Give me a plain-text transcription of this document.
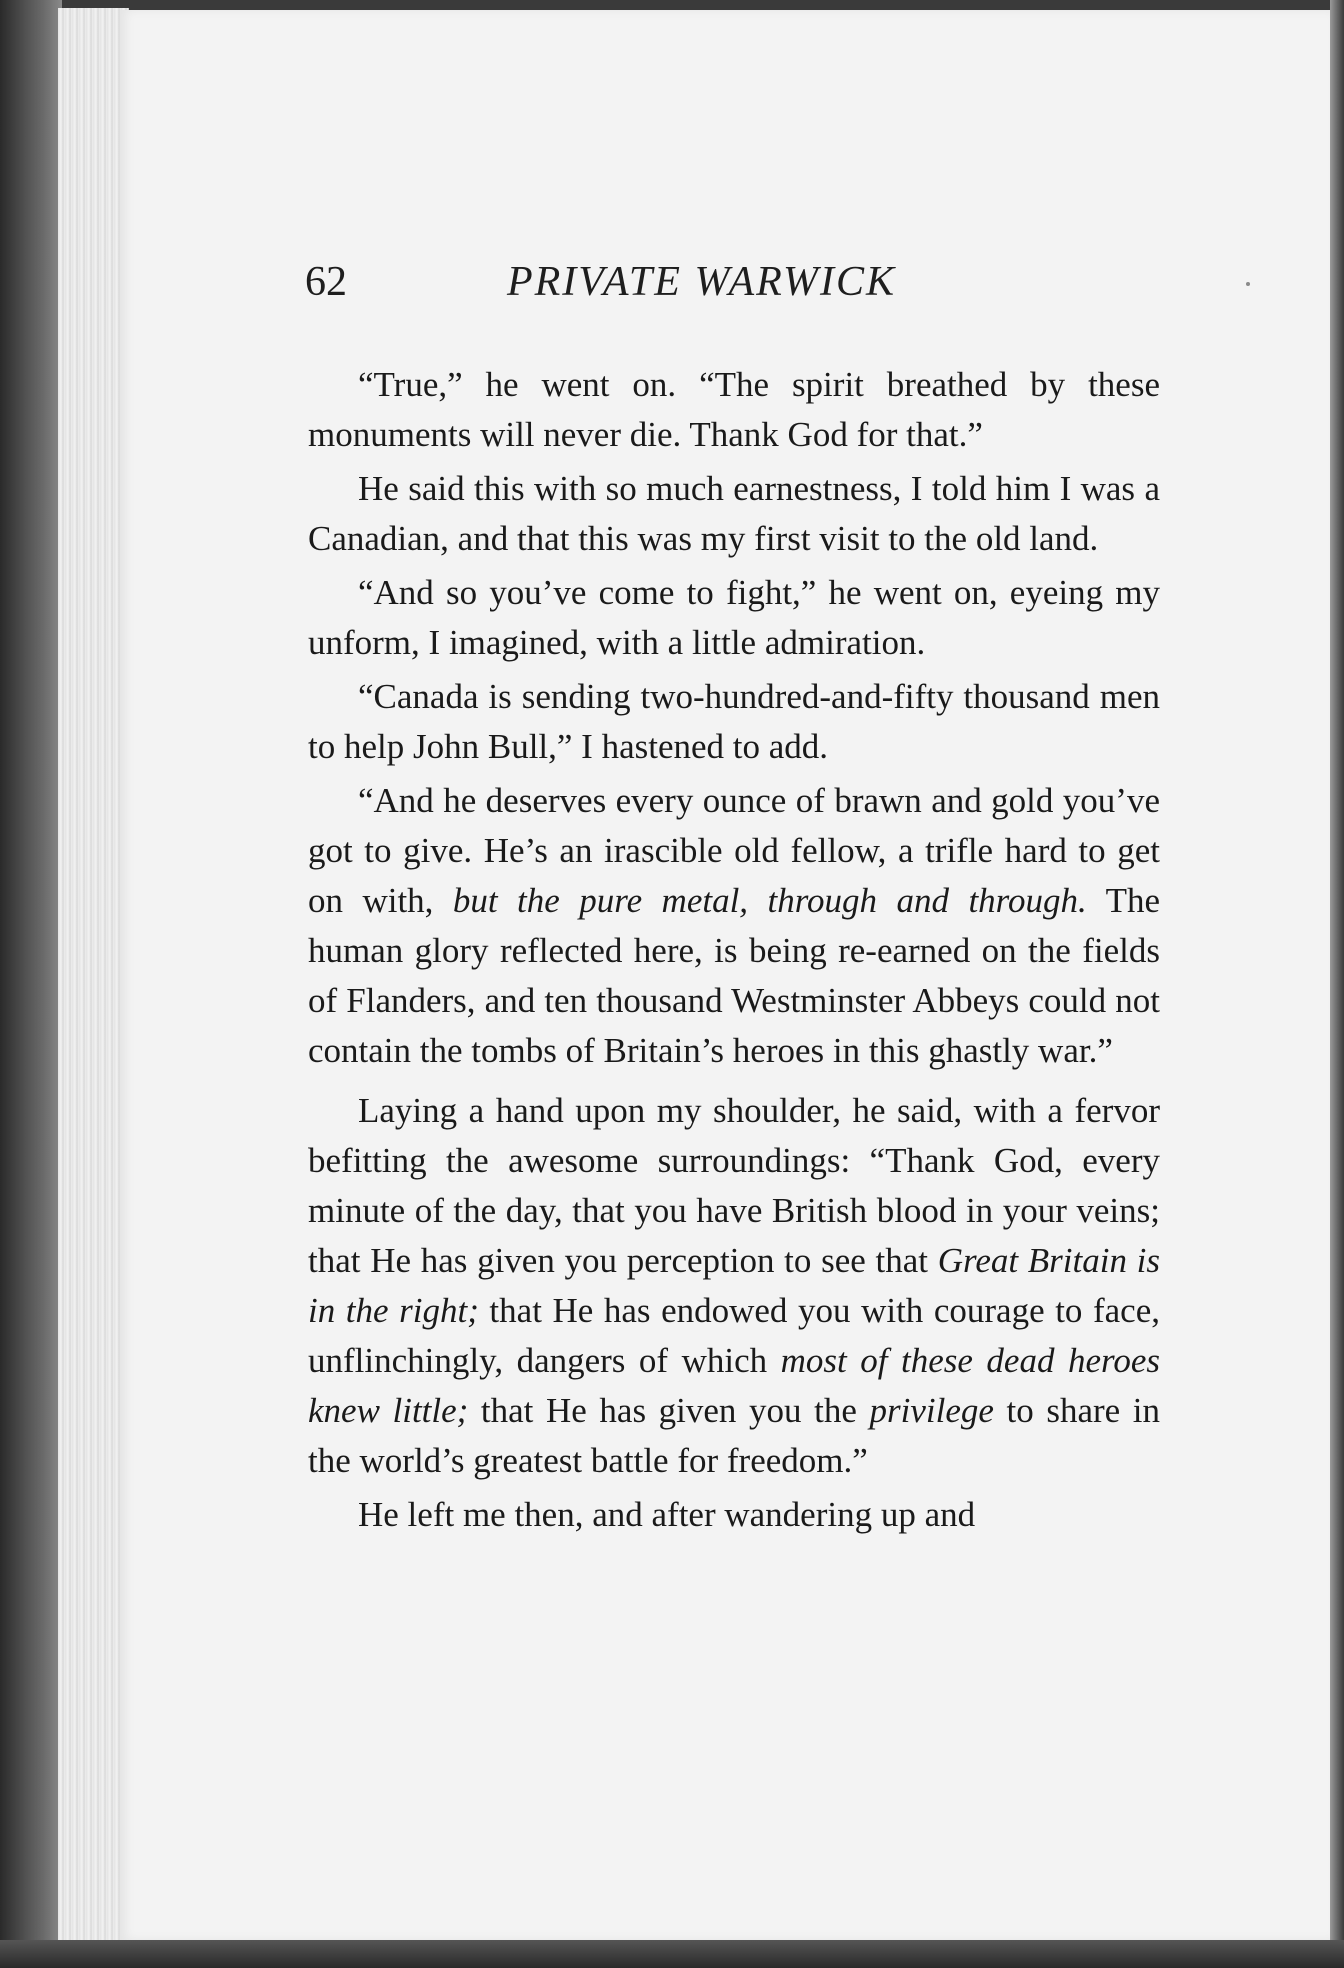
62	PRIVATE WARWICK

“True,” he went on. “The spirit breathed by these monuments will never die. Thank God for that.”

He said this with so much earnestness, I told him I was a Canadian, and that this was my first visit to the old land.

“And so you’ve come to fight,” he went on, eyeing my unform, I imagined, with a little admiration.

“Canada is sending two-hundred-and-fifty thousand men to help John Bull,” I hastened to add.

“And he deserves every ounce of brawn and gold you’ve got to give. He’s an irascible old fellow, a trifle hard to get on with, but the pure metal, through and through. The human glory reflected here, is being re-earned on the fields of Flanders, and ten thousand Westminster Abbeys could not contain the tombs of Britain’s heroes in this ghastly war.”

Laying a hand upon my shoulder, he said, with a fervor befitting the awesome surroundings: “Thank God, every minute of the day, that you have British blood in your veins; that He has given you perception to see that Great Britain is in the right; that He has endowed you with courage to face, unflinchingly, dangers of which most of these dead heroes knew little; that He has given you the privilege to share in the world’s greatest battle for freedom.”

He left me then, and after wandering up and
